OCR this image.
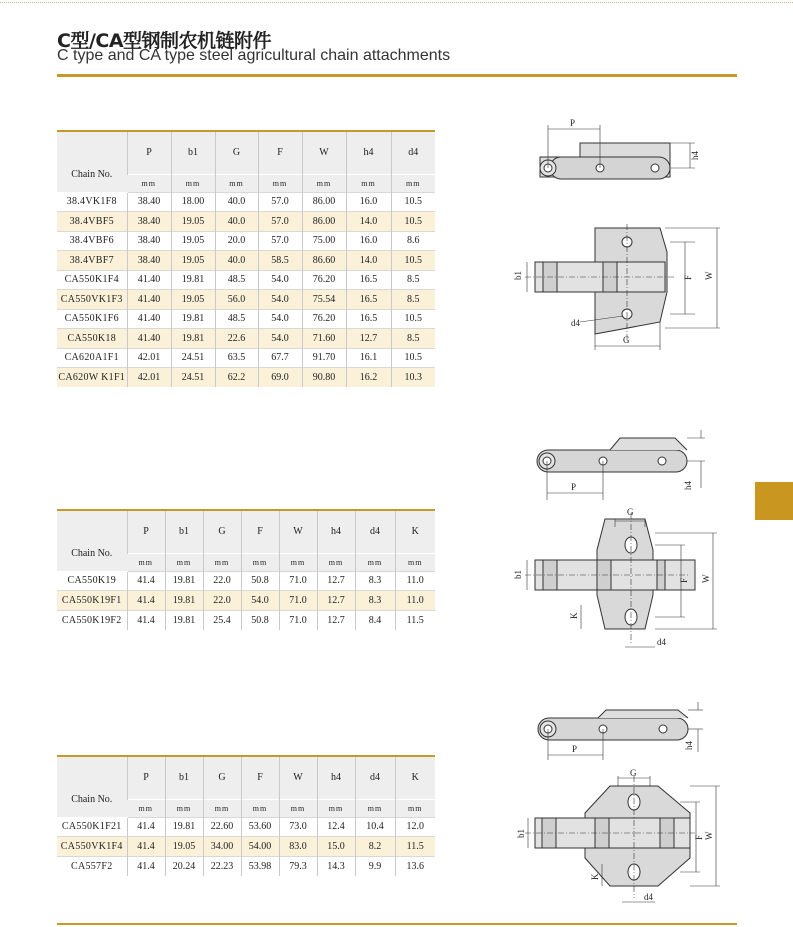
C型/CA型钢制农机链附件
C type and CA type steel agricultural chain attachments
Chain No.	P	b1	G	F	W	h4	d4
	mm	mm	mm	mm	mm	mm	mm
38.4VK1F8	38.40	18.00	40.0	57.0	86.00	16.0	10.5
38.4VBF5	38.40	19.05	40.0	57.0	86.00	14.0	10.5
38.4VBF6	38.40	19.05	20.0	57.0	75.00	16.0	8.6
38.4VBF7	38.40	19.05	40.0	58.5	86.60	14.0	10.5
CA550K1F4	41.40	19.81	48.5	54.0	76.20	16.5	8.5
CA550VK1F3	41.40	19.05	56.0	54.0	75.54	16.5	8.5
CA550K1F6	41.40	19.81	48.5	54.0	76.20	16.5	10.5
CA550K18	41.40	19.81	22.6	54.0	71.60	12.7	8.5
CA620A1F1	42.01	24.51	63.5	67.7	91.70	16.1	10.5
CA620W K1F1	42.01	24.51	62.2	69.0	90.80	16.2	10.3
Chain No.	P	b1	G	F	W	h4	d4	K
	mm	mm	mm	mm	mm	mm	mm	mm
CA550K19	41.4	19.81	22.0	50.8	71.0	12.7	8.3	11.0
CA550K19F1	41.4	19.81	22.0	54.0	71.0	12.7	8.3	11.0
CA550K19F2	41.4	19.81	25.4	50.8	71.0	12.7	8.4	11.5
Chain No.	P	b1	G	F	W	h4	d4	K
	mm	mm	mm	mm	mm	mm	mm	mm
CA550K1F21	41.4	19.81	22.60	53.60	73.0	12.4	10.4	12.0
CA550VK1F4	41.4	19.05	34.00	54.00	83.0	15.0	8.2	11.5
CA557F2	41.4	20.24	22.23	53.98	79.3	14.3	9.9	13.6
P
h4
b1	F W
G
d4
P	h4
G
b1
F W
K
d4
P	h4
G
b1	F W
K
d4
